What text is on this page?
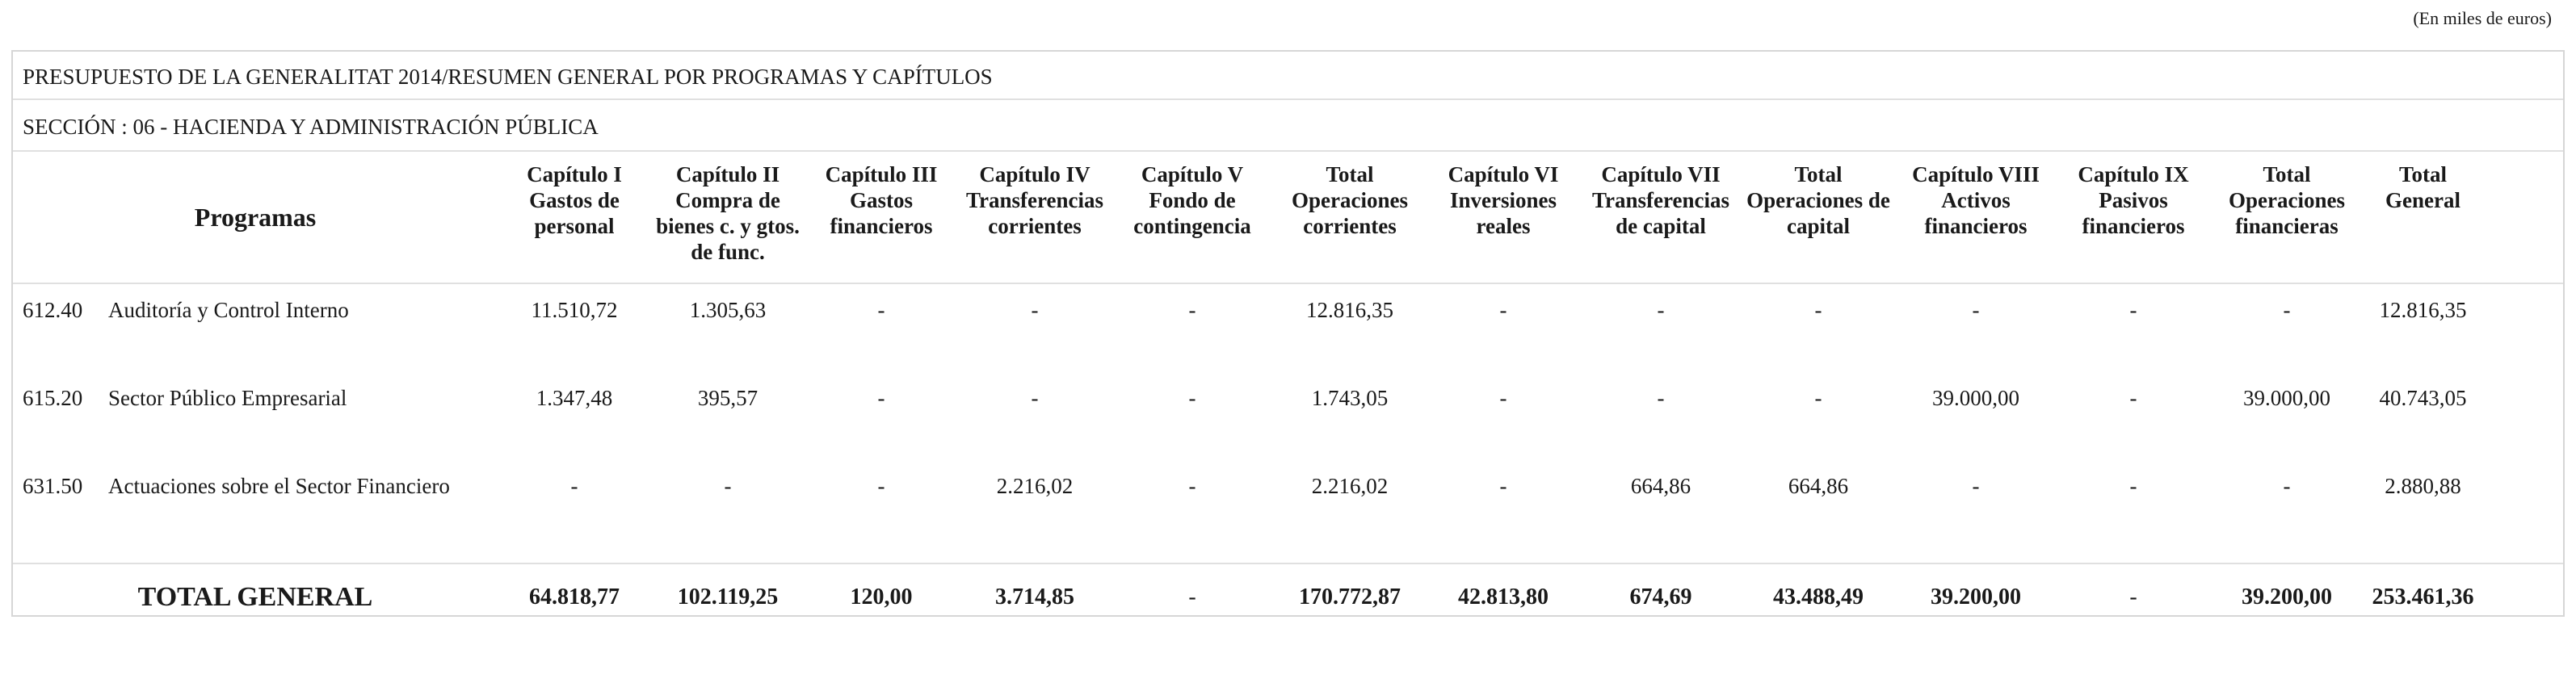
(En miles de euros)
PRESUPUESTO DE LA GENERALITAT 2014/RESUMEN GENERAL POR PROGRAMAS Y CAPÍTULOS
SECCIÓN : 06 - HACIENDA Y ADMINISTRACIÓN PÚBLICA
Programas		Capítulo I Gastos de personal	Capítulo II Compra de bienes c. y gtos. de func.	Capítulo III Gastos financieros	Capítulo IV Transferencias corrientes	Capítulo V Fondo de contingencia	Total Operaciones corrientes	Capítulo VI Inversiones reales	Capítulo VII Transferencias de capital	Total Operaciones de capital	Capítulo VIII Activos financieros	Capítulo IX Pasivos financieros	Total Operaciones financieras	Total General	
612.40	Auditoría y Control Interno	11.510,72	1.305,63	-	-	-	12.816,35	-	-	-	-	-	-	12.816,35	
615.20	Sector Público Empresarial	1.347,48	395,57	-	-	-	1.743,05	-	-	-	39.000,00	-	39.000,00	40.743,05	
631.50	Actuaciones sobre el Sector Financiero	-	-	-	2.216,02	-	2.216,02	-	664,86	664,86	-	-	-	2.880,88	
TOTAL GENERAL		64.818,77	102.119,25	120,00	3.714,85	-	170.772,87	42.813,80	674,69	43.488,49	39.200,00	-	39.200,00	253.461,36	
